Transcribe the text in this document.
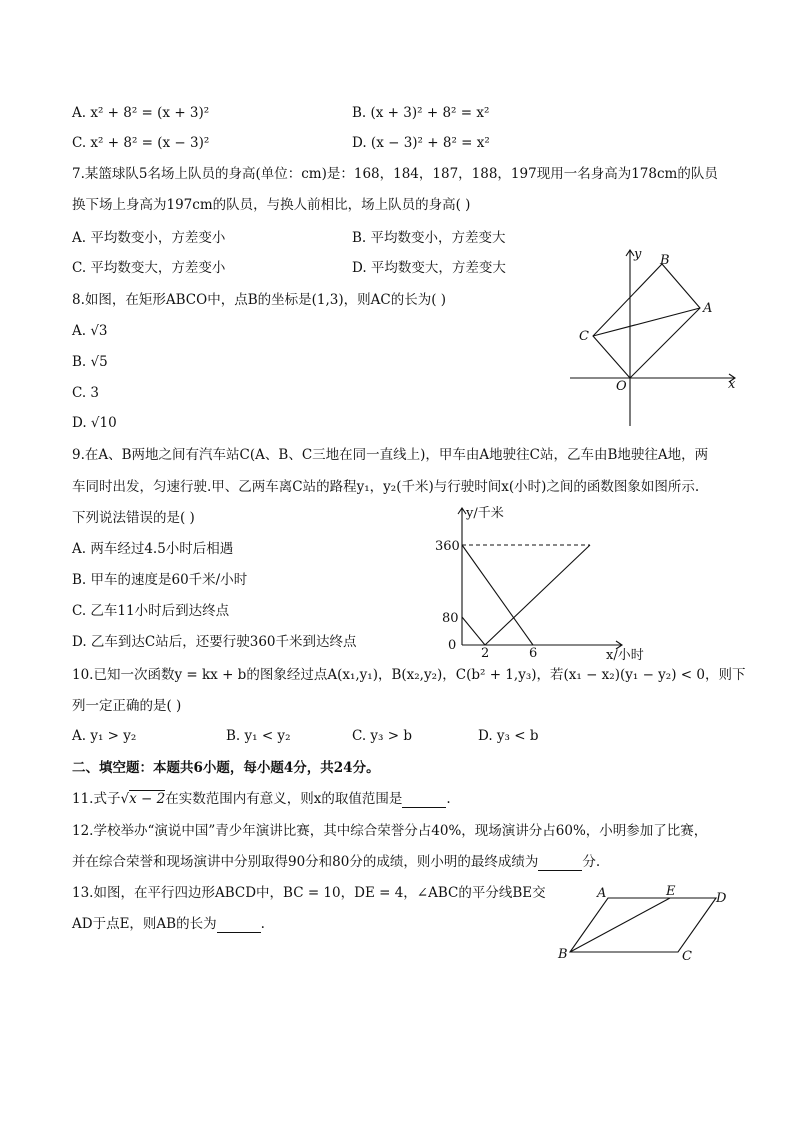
A. x² + 8² = (x + 3)²	B. (x + 3)² + 8² = x²
C. x² + 8² = (x − 3)²	D. (x − 3)² + 8² = x²
7.某篮球队5名场上队员的身高(单位：cm)是：168，184，187，188，197现用一名身高为178cm的队员
换下场上身高为197cm的队员，与换人前相比，场上队员的身高( )
A. 平均数变小，方差变小	B. 平均数变小，方差变大
C. 平均数变大，方差变小	D. 平均数变大，方差变大
8.如图，在矩形ABCO中，点B的坐标是(1,3)，则AC的长为( )
A. √3
B. √5
C. 3
D. √10
y
x
B
A
C
O
9.在A、B两地之间有汽车站C(A、B、C三地在同一直线上)，甲车由A地驶往C站，乙车由B地驶往A地，两
车同时出发，匀速行驶.甲、乙两车离C站的路程y₁，y₂(千米)与行驶时间x(小时)之间的函数图象如图所示.
下列说法错误的是( )
A. 两车经过4.5小时后相遇
B. 甲车的速度是60千米/小时
C. 乙车11小时后到达终点
D. 乙车到达C站后，还要行驶360千米到达终点
y/千米
x/小时
360
80
0
2	6
10.已知一次函数y = kx + b的图象经过点A(x₁,y₁)，B(x₂,y₂)，C(b² + 1,y₃)，若(x₁ − x₂)(y₁ − y₂) < 0，则下
列一定正确的是( )
A. y₁ > y₂	B. y₁ < y₂	C. y₃ > b	D. y₃ < b
二、填空题：本题共6小题，每小题4分，共24分。
11.式子√x − 2在实数范围内有意义，则x的取值范围是	.
12.学校举办“演说中国”青少年演讲比赛，其中综合荣誉分占40%，现场演讲分占60%，小明参加了比赛，
并在综合荣誉和现场演讲中分别取得90分和80分的成绩，则小明的最终成绩为	分.
13.如图，在平行四边形ABCD中，BC = 10，DE = 4，∠ABC的平分线BE交
AD于点E，则AB的长为	.
A	E	D
B	C
